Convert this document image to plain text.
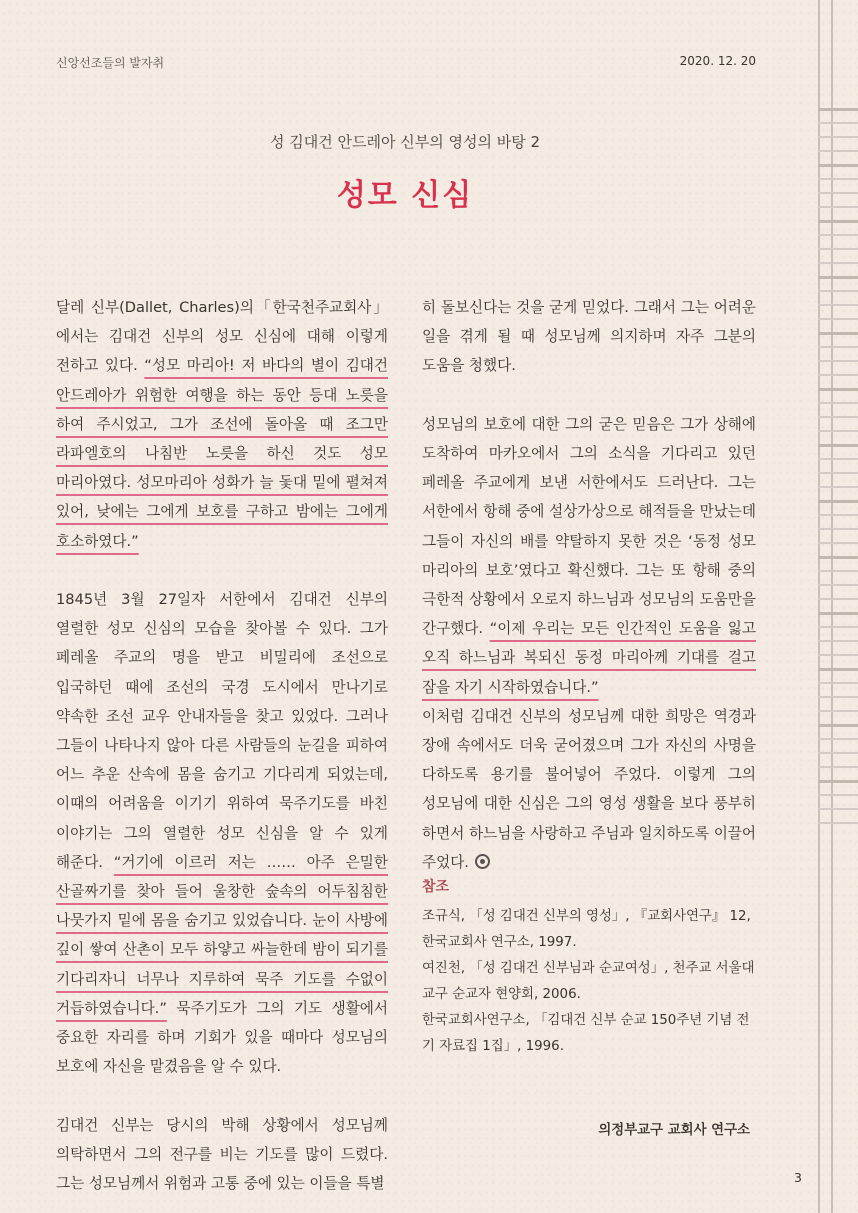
신앙선조들의 발자취	2020. 12. 20
성 김대건 안드레아 신부의 영성의 바탕 2
성모 신심

달레 신부(Dallet, Charles)의「한국천주교회사」에서는 김대건 신부의 성모 신심에 대해 이렇게 전하고 있다. “성모 마리아! 저 바다의 별이 김대건 안드레아가 위험한 여행을 하는 동안 등대 노릇을 하여 주시었고, 그가 조선에 돌아올 때 조그만 라파엘호의 나침반 노릇을 하신 것도 성모 마리아였다. 성모마리아 성화가 늘 돛대 밑에 펼쳐져 있어, 낮에는 그에게 보호를 구하고 밤에는 그에게 호소하였다.”

1845년 3월 27일자 서한에서 김대건 신부의 열렬한 성모 신심의 모습을 찾아볼 수 있다. 그가 페레올 주교의 명을 받고 비밀리에 조선으로 입국하던 때에 조선의 국경 도시에서 만나기로 약속한 조선 교우 안내자들을 찾고 있었다. 그러나 그들이 나타나지 않아 다른 사람들의 눈길을 피하여 어느 추운 산속에 몸을 숨기고 기다리게 되었는데, 이때의 어려움을 이기기 위하여 묵주기도를 바친 이야기는 그의 열렬한 성모 신심을 알 수 있게 해준다. “거기에 이르러 저는 …… 아주 은밀한 산골짜기를 찾아 들어 울창한 숲속의 어두침침한 나뭇가지 밑에 몸을 숨기고 있었습니다. 눈이 사방에 깊이 쌓여 산촌이 모두 하얗고 싸늘한데 밤이 되기를 기다리자니 너무나 지루하여 묵주 기도를 수없이 거듭하였습니다.” 묵주기도가 그의 기도 생활에서 중요한 자리를 하며 기회가 있을 때마다 성모님의 보호에 자신을 맡겼음을 알 수 있다.

김대건 신부는 당시의 박해 상황에서 성모님께 의탁하면서 그의 전구를 비는 기도를 많이 드렸다. 그는 성모님께서 위험과 고통 중에 있는 이들을 특별

히 돌보신다는 것을 굳게 믿었다. 그래서 그는 어려운 일을 겪게 될 때 성모님께 의지하며 자주 그분의 도움을 청했다.

성모님의 보호에 대한 그의 굳은 믿음은 그가 상해에 도착하여 마카오에서 그의 소식을 기다리고 있던 페레올 주교에게 보낸 서한에서도 드러난다. 그는 서한에서 항해 중에 설상가상으로 해적들을 만났는데 그들이 자신의 배를 약탈하지 못한 것은 ‘동정 성모 마리아의 보호’였다고 확신했다. 그는 또 항해 중의 극한적 상황에서 오로지 하느님과 성모님의 도움만을 간구했다. “이제 우리는 모든 인간적인 도움을 잃고 오직 하느님과 복되신 동정 마리아께 기대를 걸고 잠을 자기 시작하였습니다.”

이처럼 김대건 신부의 성모님께 대한 희망은 역경과 장애 속에서도 더욱 굳어졌으며 그가 자신의 사명을 다하도록 용기를 불어넣어 주었다. 이렇게 그의 성모님에 대한 신심은 그의 영성 생활을 보다 풍부히 하면서 하느님을 사랑하고 주님과 일치하도록 이끌어 주었다.

참조
조규식, 「성 김대건 신부의 영성」, 『교회사연구』 12, 한국교회사 연구소, 1997.
여진천, 「성 김대건 신부님과 순교여성」, 천주교 서울대교구 순교자 현양회, 2006.
한국교회사연구소, 「김대건 신부 순교 150주년 기념 전기 자료집 1집」, 1996.
의정부교구 교회사 연구소
3
